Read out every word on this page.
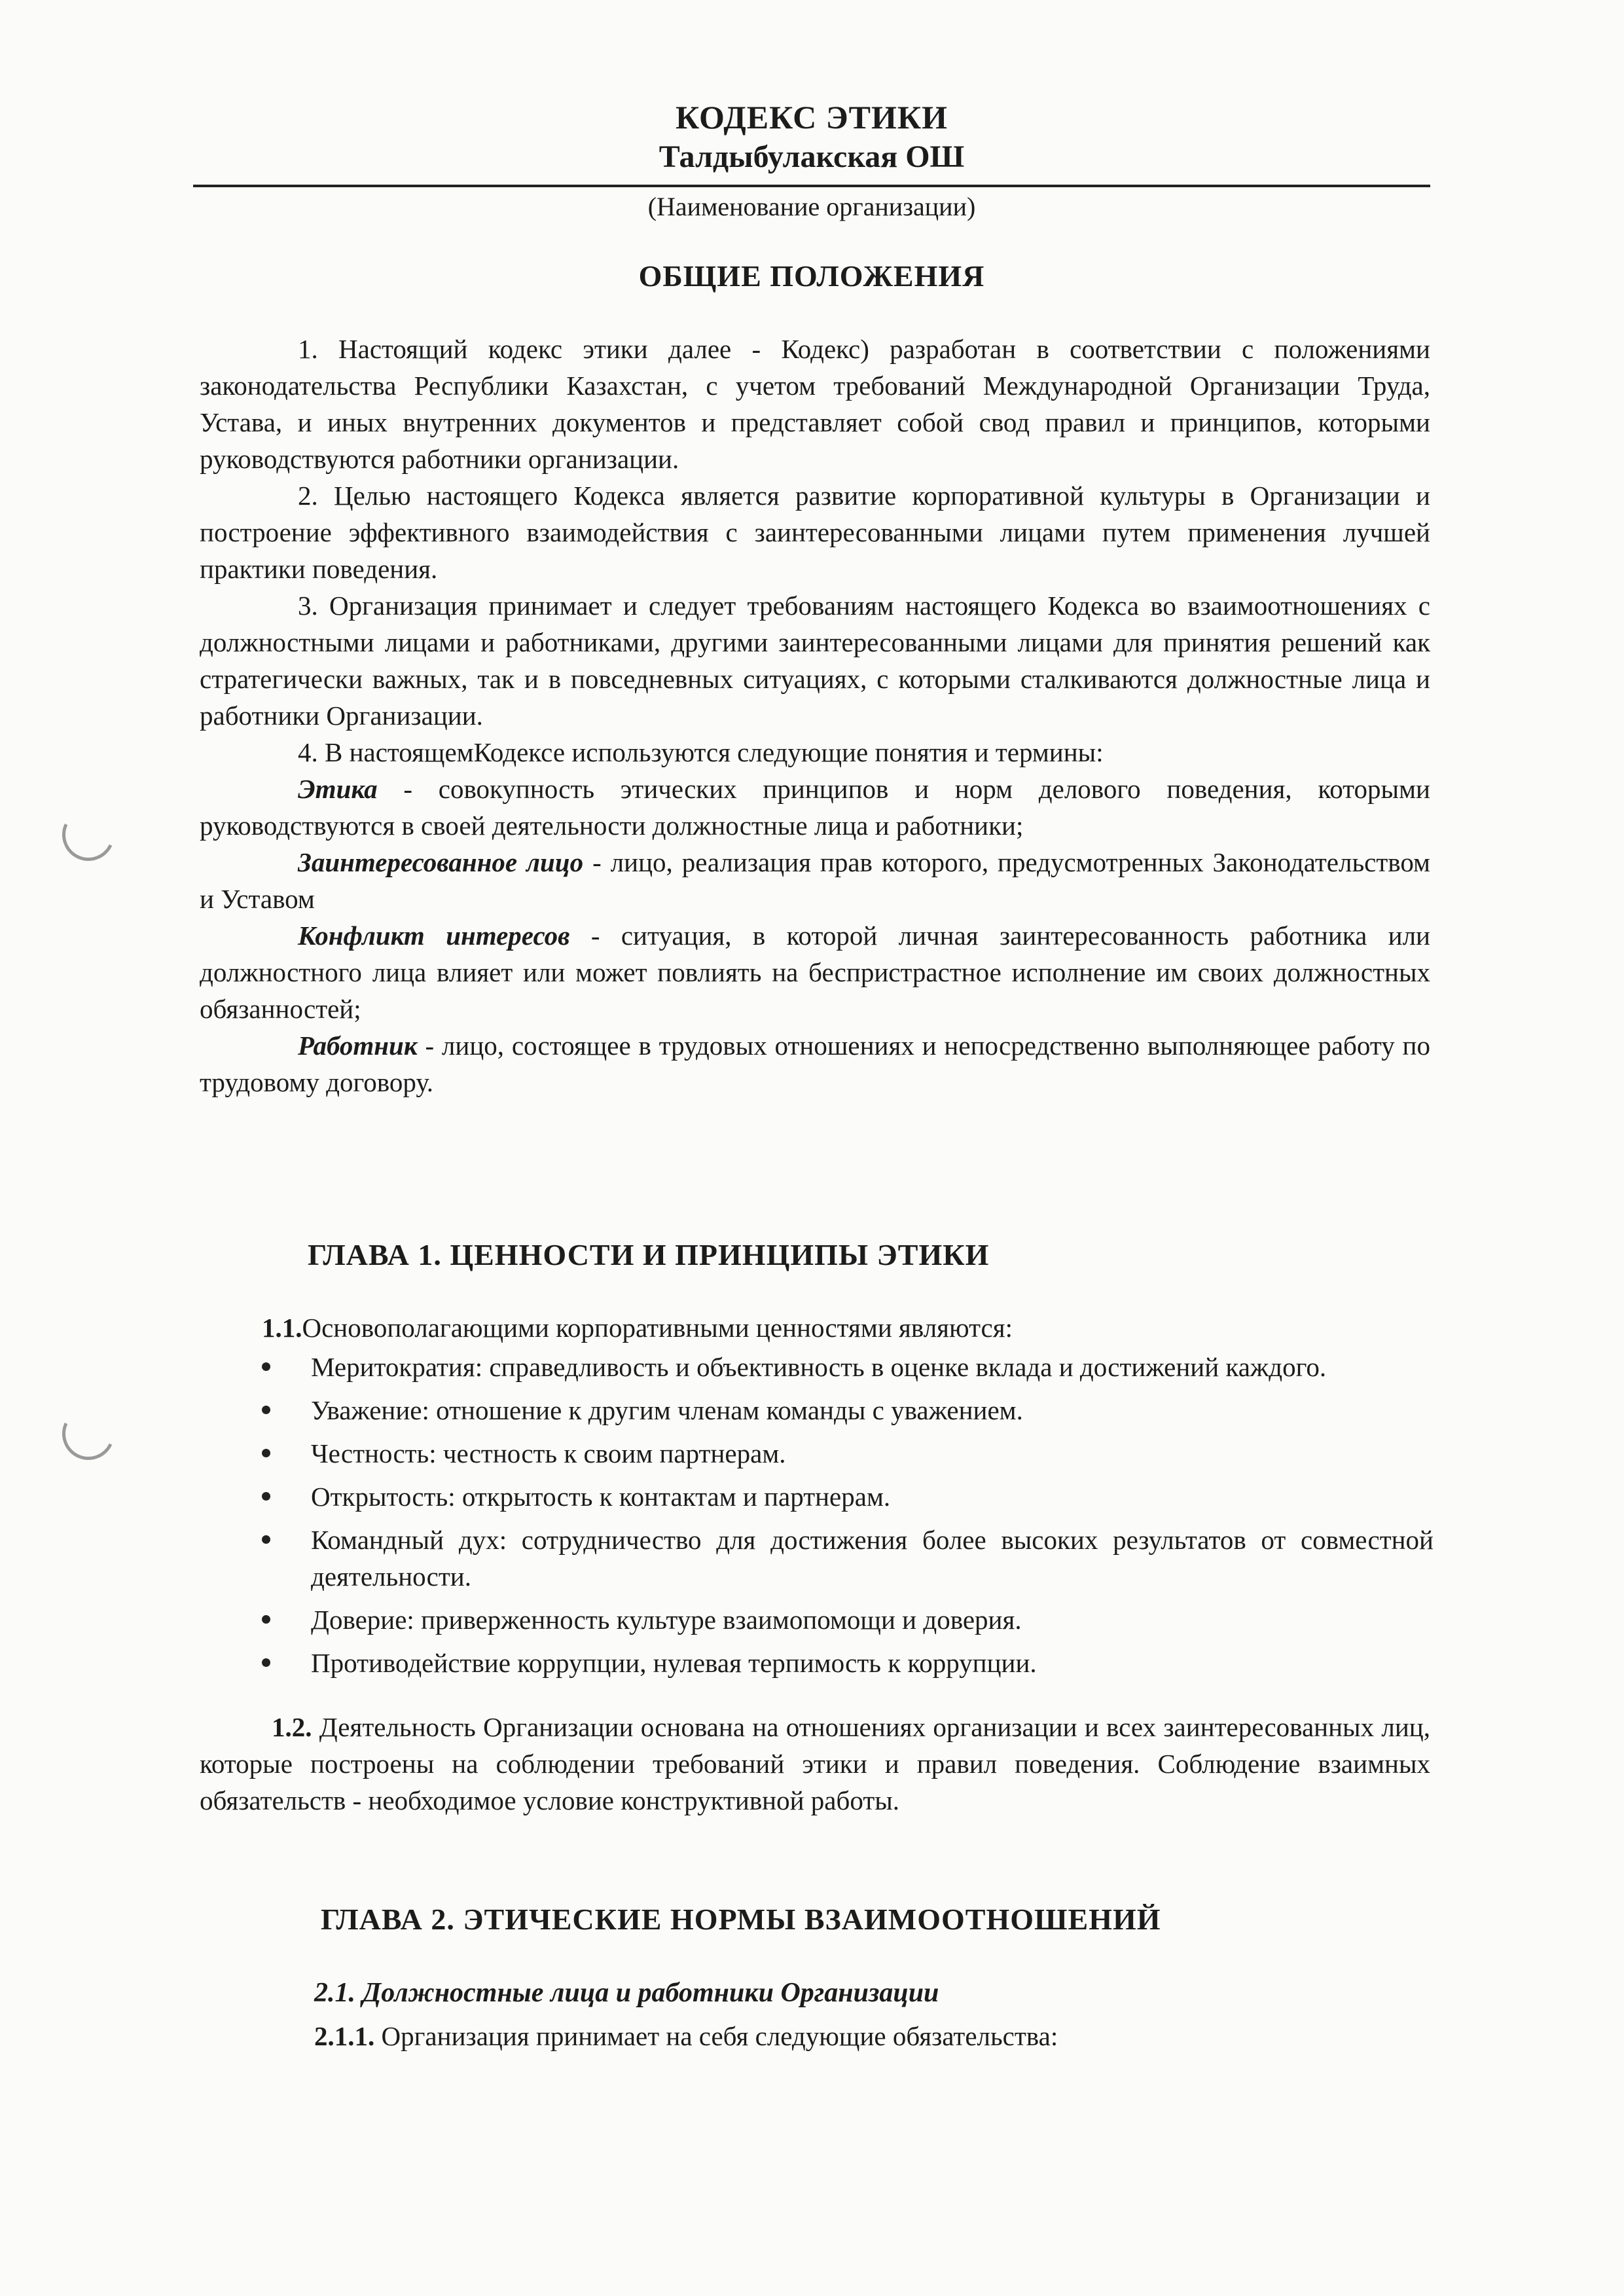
КОДЕКС ЭТИКИ
Талдыбулакская ОШ
(Наименование организации)
ОБЩИЕ ПОЛОЖЕНИЯ

1. Настоящий кодекс этики далее - Кодекс) разработан в соответствии с положениями законодательства Республики Казахстан, с учетом требований Международной Организации Труда, Устава, и иных внутренних документов и представляет собой свод правил и принципов, которыми руководствуются работники организации.

2. Целью настоящего Кодекса является развитие корпоративной культуры в Организации и построение эффективного взаимодействия с заинтересованными лицами путем применения лучшей практики поведения.

3. Организация принимает и следует требованиям настоящего Кодекса во взаимоотношениях с должностными лицами и работниками, другими заинтересованными лицами для принятия решений как стратегически важных, так и в повседневных ситуациях, с которыми сталкиваются должностные лица и работники Организации.

4. В настоящемКодексе используются следующие понятия и термины:

Этика - совокупность этических принципов и норм делового поведения, которыми руководствуются в своей деятельности должностные лица и работники;

Заинтересованное лицо - лицо, реализация прав которого, предусмотренных Законодательством и Уставом

Конфликт интересов - ситуация, в которой личная заинтересованность работника или должностного лица влияет или может повлиять на беспристрастное исполнение им своих должностных обязанностей;

Работник - лицо, состоящее в трудовых отношениях и непосредственно выполняющее работу по трудовому договору.

ГЛАВА 1. ЦЕННОСТИ И ПРИНЦИПЫ ЭТИКИ
1.1.Основополагающими корпоративными ценностями являются:
Меритократия: справедливость и объективность в оценке вклада и достижений каждого.
Уважение: отношение к другим членам команды с уважением.
Честность: честность к своим партнерам.
Открытость: открытость к контактам и партнерам.
Командный дух: сотрудничество для достижения более высоких результатов от совместной деятельности.
Доверие: приверженность культуре взаимопомощи и доверия.
Противодействие коррупции, нулевая терпимость к коррупции.

1.2. Деятельность Организации основана на отношениях организации и всех заинтересованных лиц, которые построены на соблюдении требований этики и правил поведения. Соблюдение взаимных обязательств - необходимое условие конструктивной работы.

ГЛАВА 2. ЭТИЧЕСКИЕ НОРМЫ ВЗАИМООТНОШЕНИЙ
2.1. Должностные лица и работники Организации
2.1.1. Организация принимает на себя следующие обязательства:
